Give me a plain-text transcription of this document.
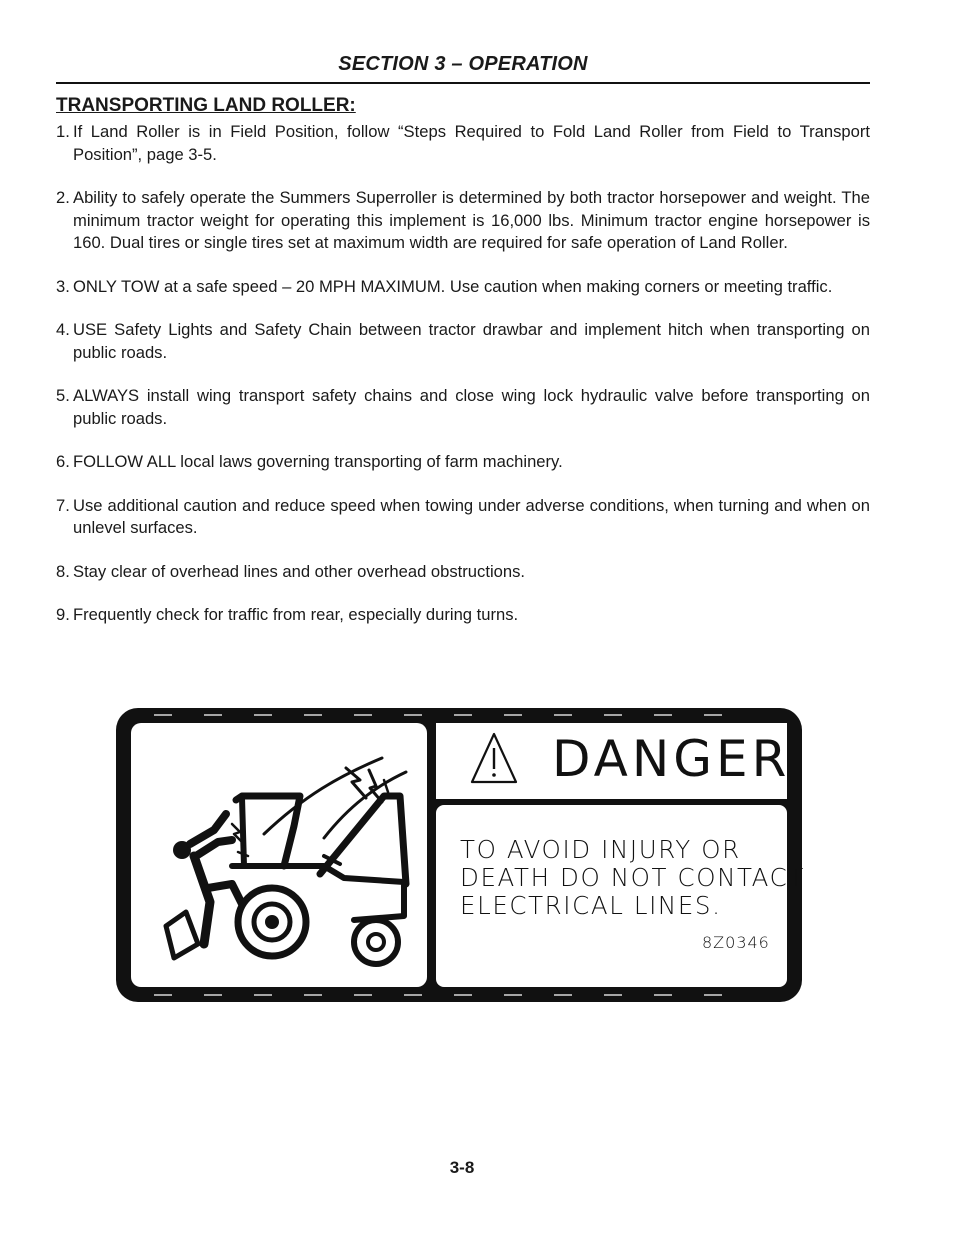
SECTION 3 – OPERATION
TRANSPORTING LAND ROLLER:
1. If Land Roller is in Field Position, follow “Steps Required to Fold Land Roller from Field to Transport Position”, page 3-5.
2. Ability to safely operate the Summers Superroller is determined by both tractor horsepower and weight. The minimum tractor weight for operating this implement is 16,000 lbs. Minimum tractor engine horsepower is 160. Dual tires or single tires set at maximum width are required for safe operation of Land Roller.
3. ONLY TOW at a safe speed – 20 MPH MAXIMUM. Use caution when making corners or meeting traffic.
4. USE Safety Lights and Safety Chain between tractor drawbar and implement hitch when transporting on public roads.
5. ALWAYS install wing transport safety chains and close wing lock hydraulic valve before transporting on public roads.
6. FOLLOW ALL local laws governing transporting of farm machinery.
7. Use additional caution and reduce speed when towing under adverse conditions, when turning and when on unlevel surfaces.
8. Stay clear of overhead lines and other overhead obstructions.
9. Frequently check for traffic from rear, especially during turns.
DANGER
TO AVOID INJURY OR
DEATH DO NOT CONTACT
ELECTRICAL LINES.
8Z0346
3-8
